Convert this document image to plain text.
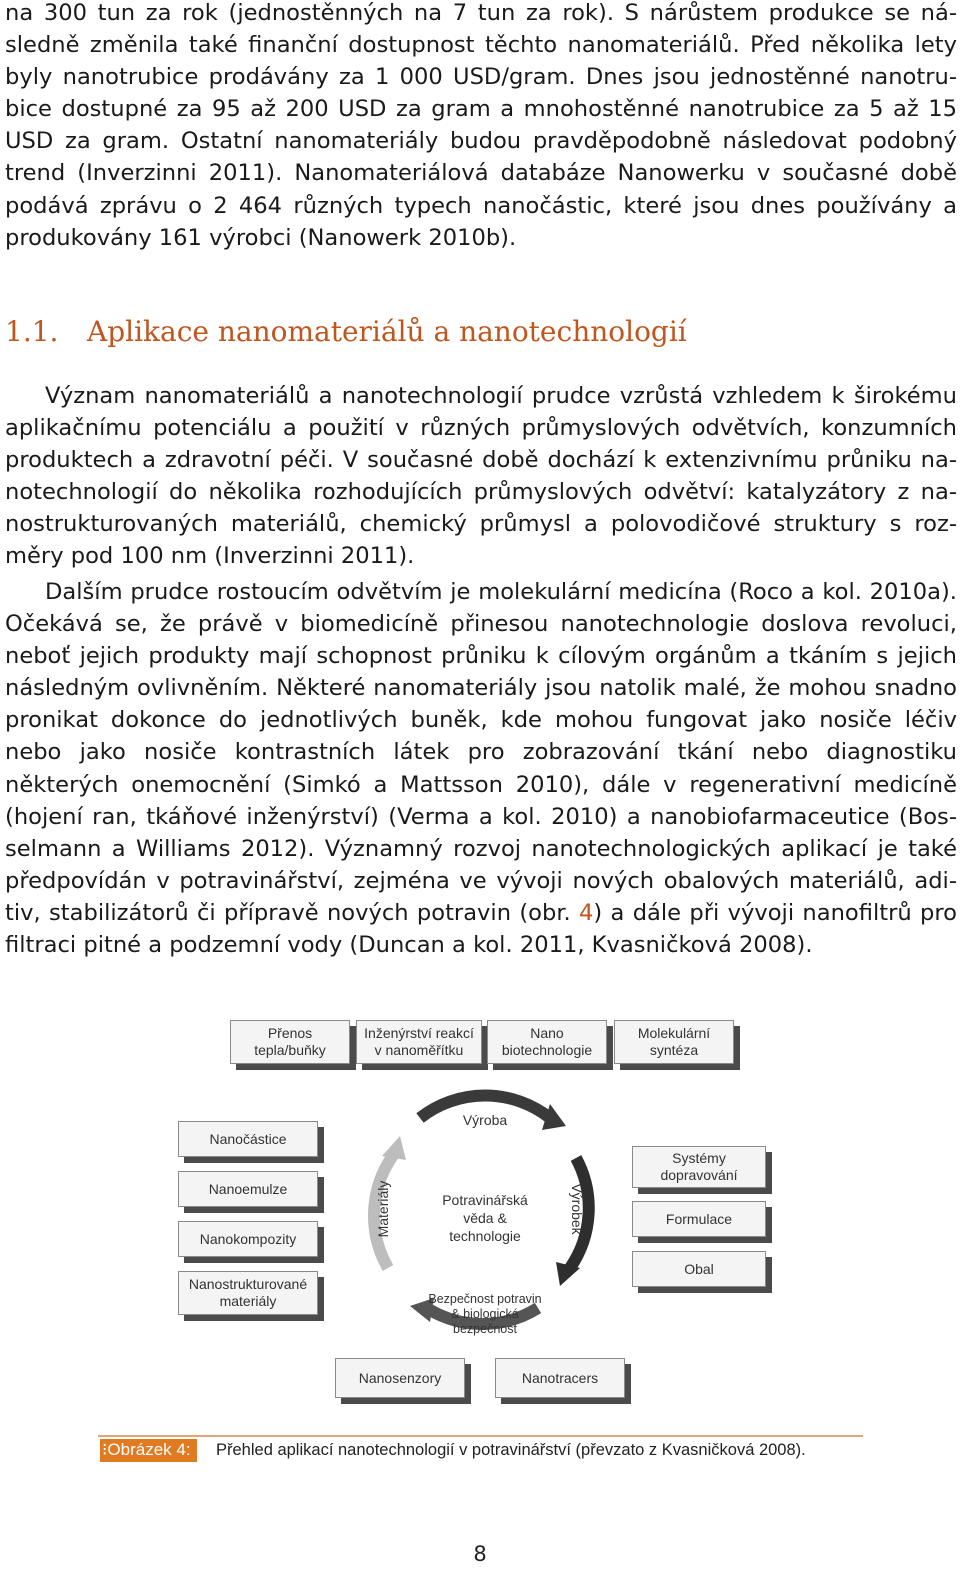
na 300 tun za rok (jednostěnných na 7 tun za rok). S nárůstem produkce se následně změnila také finanční dostupnost těchto nanomateriálů. Před několika lety byly nanotrubice prodávány za 1 000 USD/gram. Dnes jsou jednostěnné nanotrubice dostupné za 95 až 200 USD za gram a mnohostěnné nanotrubice za 5 až 15 USD za gram. Ostatní nanomateriály budou pravděpodobně následovat podobný trend (Inverzinni 2011). Nanomateriálová databáze Nanowerku v současné době podává zprávu o 2 464 různých typech nanočástic, které jsou dnes používány a produkovány 161 výrobci (Nanowerk 2010b).

1.1. Aplikace nanomateriálů a nanotechnologií

Význam nanomateriálů a nanotechnologií prudce vzrůstá vzhledem k širokému aplikačnímu potenciálu a použití v různých průmyslových odvětvích, konzumních produktech a zdravotní péči. V současné době dochází k extenzivnímu průniku nanotechnologií do několika rozhodujících průmyslových odvětví: katalyzátory z nanostrukturovaných materiálů, chemický průmysl a polovodičové struktury s rozměry pod 100 nm (Inverzinni 2011).

Dalším prudce rostoucím odvětvím je molekulární medicína (Roco a kol. 2010a). Očekává se, že právě v biomedicíně přinesou nanotechnologie doslova revoluci, neboť jejich produkty mají schopnost průniku k cílovým orgánům a tkáním s jejich následným ovlivněním. Některé nanomateriály jsou natolik malé, že mohou snadno pronikat dokonce do jednotlivých buněk, kde mohou fungovat jako nosiče léčiv nebo jako nosiče kontrastních látek pro zobrazování tkání nebo diagnostiku některých onemocnění (Simkó a Mattsson 2010), dále v regenerativní medicíně (hojení ran, tkáňové inženýrství) (Verma a kol. 2010) a nanobiofarmaceutice (Bosselmann a Williams 2012). Významný rozvoj nanotechnologických aplikací je také předpovídán v potravinářství, zejména ve vývoji nových obalových materiálů, aditiv, stabilizátorů či přípravě nových potravin (obr. 4) a dále při vývoji nanofiltrů pro filtraci pitné a podzemní vody (Duncan a kol. 2011, Kvasničková 2008).

Přenos
tepla/buňky
Inženýrství reakcí
v nanoměřítku
Nano
biotechnologie
Molekulární
syntéza
Nanočástice
Nanoemulze
Nanokompozity
Nanostrukturované
materiály
Systémy
dopravování
Formulace
Obal
Nanosenzory	Nanotracers
Výroba
Materiály	Výrobek
Potravinářská
věda &
technologie
Bezpečnost potravin
& biologická
bezpečnost
⁝Obrázek 4:	Přehled aplikací nanotechnologií v potravinářství (převzato z Kvasničková 2008).

8
